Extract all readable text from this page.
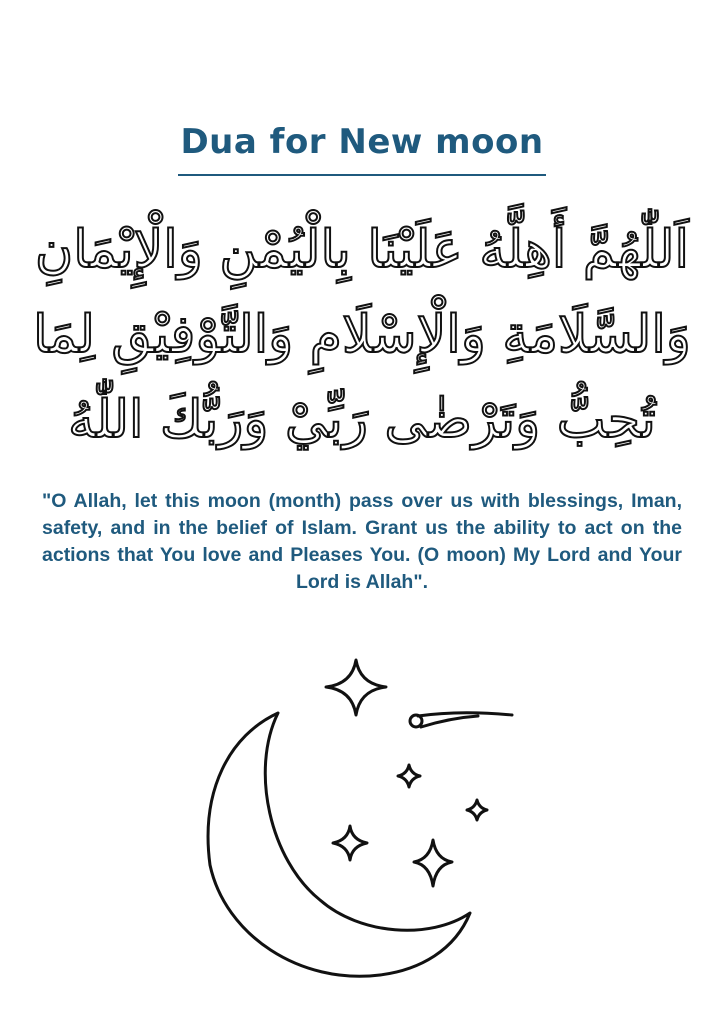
Dua for New moon
اَللّٰهُمَّ أَهِلَّهُ عَلَيْنَا بِالْيُمْنِ وَالْإِيْمَانِ
وَالسَّلَامَةِ وَالْإِسْلَامِ وَالتَّوْفِيْقِ لِمَا
تُحِبُّ وَتَرْضٰى رَبِّيْ وَرَبُّكَ اللّٰهُ
"O Allah, let this moon (month) pass over us with blessings, Iman, safety, and in the belief of Islam. Grant us the ability to act on the actions that You love and Pleases You. (O moon) My Lord and Your Lord is Allah".
